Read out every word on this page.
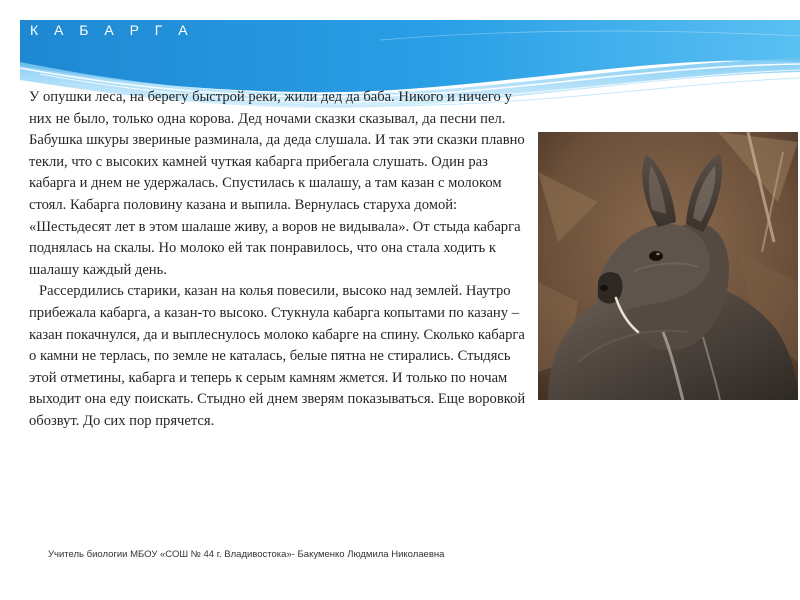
К А Б А Р Г А

У опушки леса, на берегу быстрой реки, жили дед да баба. Никого и ничего у них не было, только одна корова. Дед ночами сказки сказывал, да песни пел. Бабушка шкуры звериные разминала, да деда слушала. И так эти сказки плавно текли, что с высоких камней чуткая кабарга прибегала слушать. Один раз кабарга и днем не удержалась. Спустилась к шалашу, а там казан с молоком стоял. Кабарга половину казана и выпила. Вернулась старуха домой: «Шестьдесят лет в этом шалаше живу, а воров не видывала». От стыда кабарга поднялась на скалы. Но молоко ей так понравилось, что она стала ходить к шалашу каждый день.

Рассердились старики, казан на колья повесили, высоко над землей. Наутро прибежала кабарга, а казан-то высоко. Стукнула кабарга копытами по казану – казан покачнулся, да и выплеснулось молоко кабарге на спину. Сколько кабарга о камни не терлась, по земле не каталась, белые пятна не стирались. Стыдясь этой отметины, кабарга и теперь к серым камням жмется. И только по ночам выходит она еду поискать. Стыдно ей днем зверям показываться. Еще воровкой обозвут. До сих пор прячется.

Учитель биологии МБОУ «СОШ № 44 г. Владивостока»- Бакуменко Людмила Николаевна
